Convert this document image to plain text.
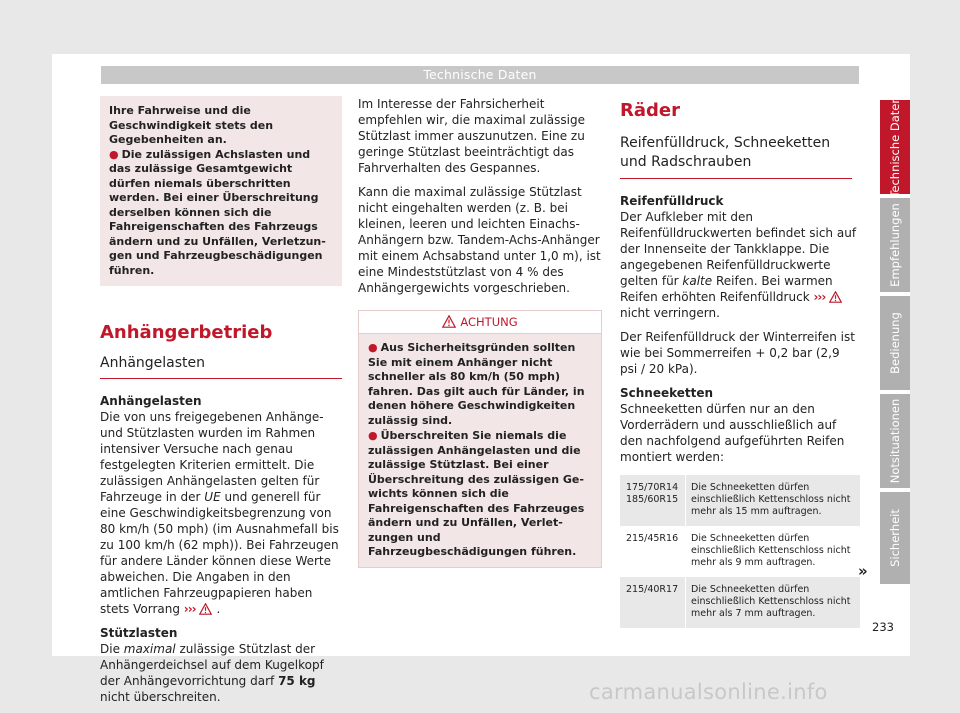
Technische Daten
Ihre Fahrweise und die Geschwindigkeit stets den Gegebenheiten an.
● Die zulässigen Achslasten und das zulässige Gesamtgewicht dürfen niemals überschritten werden. Bei einer Überschreitung derselben können sich die Fahreigenschaften des Fahrzeugs ändern und zu Unfällen, Verletzungen und Fahrzeugbeschädigungen führen.
Anhängerbetrieb
Anhängelasten

Anhängelasten
Die von uns freigegebenen Anhänge- und Stützlasten wurden im Rahmen intensiver Versuche nach genau festgelegten Kriterien ermittelt. Die zulässigen Anhängelasten gelten für Fahrzeuge in der UE und generell für eine Geschwindigkeitsbegrenzung von 80 km/h (50 mph) (im Ausnahmefall bis zu 100 km/h (62 mph)). Bei Fahrzeugen für andere Länder können diese Werte abweichen. Die Angaben in den amtlichen Fahrzeugpapieren haben stets Vorrang ››› .

Stützlasten
Die maximal zulässige Stützlast der Anhängerdeichsel auf dem Kugelkopf der Anhängevorrichtung darf 75 kg nicht überschreiten.

Im Interesse der Fahrsicherheit empfehlen wir, die maximal zulässige Stützlast immer auszunutzen. Eine zu geringe Stützlast beeinträchtigt das Fahrverhalten des Gespannes.

Kann die maximal zulässige Stützlast nicht eingehalten werden (z. B. bei kleinen, leeren und leichten Einachs-Anhängern bzw. Tandem-Achs-Anhänger mit einem Achsabstand unter 1,0 m), ist eine Mindeststützlast von 4 % des Anhängergewichts vorgeschrieben.

ACHTUNG
● Aus Sicherheitsgründen sollten Sie mit einem Anhänger nicht schneller als 80 km/h (50 mph) fahren. Das gilt auch für Länder, in denen höhere Geschwindigkeiten zulässig sind.
● Überschreiten Sie niemals die zulässigen Anhängelasten und die zulässige Stützlast. Bei einer Überschreitung des zulässigen Gewichts können sich die Fahreigenschaften des Fahrzeuges ändern und zu Unfällen, Verletzungen und Fahrzeugbeschädigungen führen.
Räder
Reifenfülldruck, Schneeketten und Radschrauben

Reifenfülldruck
Der Aufkleber mit den Reifenfülldruckwerten befindet sich auf der Innenseite der Tankklappe. Die angegebenen Reifenfülldruckwerte gelten für kalte Reifen. Bei warmen Reifen erhöhten Reifenfülldruck ›››  nicht verringern.

Der Reifenfülldruck der Winterreifen ist wie bei Sommerreifen + 0,2 bar (2,9 psi / 20 kPa).

Schneeketten
Schneeketten dürfen nur an den Vorderrädern und ausschließlich auf den nachfolgend aufgeführten Reifen montiert werden:

175/70R14 185/60R15	Die Schneeketten dürfen einschließlich Kettenschloss nicht mehr als 15 mm auftragen.
215/45R16	Die Schneeketten dürfen einschließlich Kettenschloss nicht mehr als 9 mm auftragen.
215/40R17	Die Schneeketten dürfen einschließlich Kettenschloss nicht mehr als 7 mm auftragen.
»
Technische Daten
Empfehlungen
Bedienung
Notsituationen
Sicherheit
233
carmanualsonline.info
